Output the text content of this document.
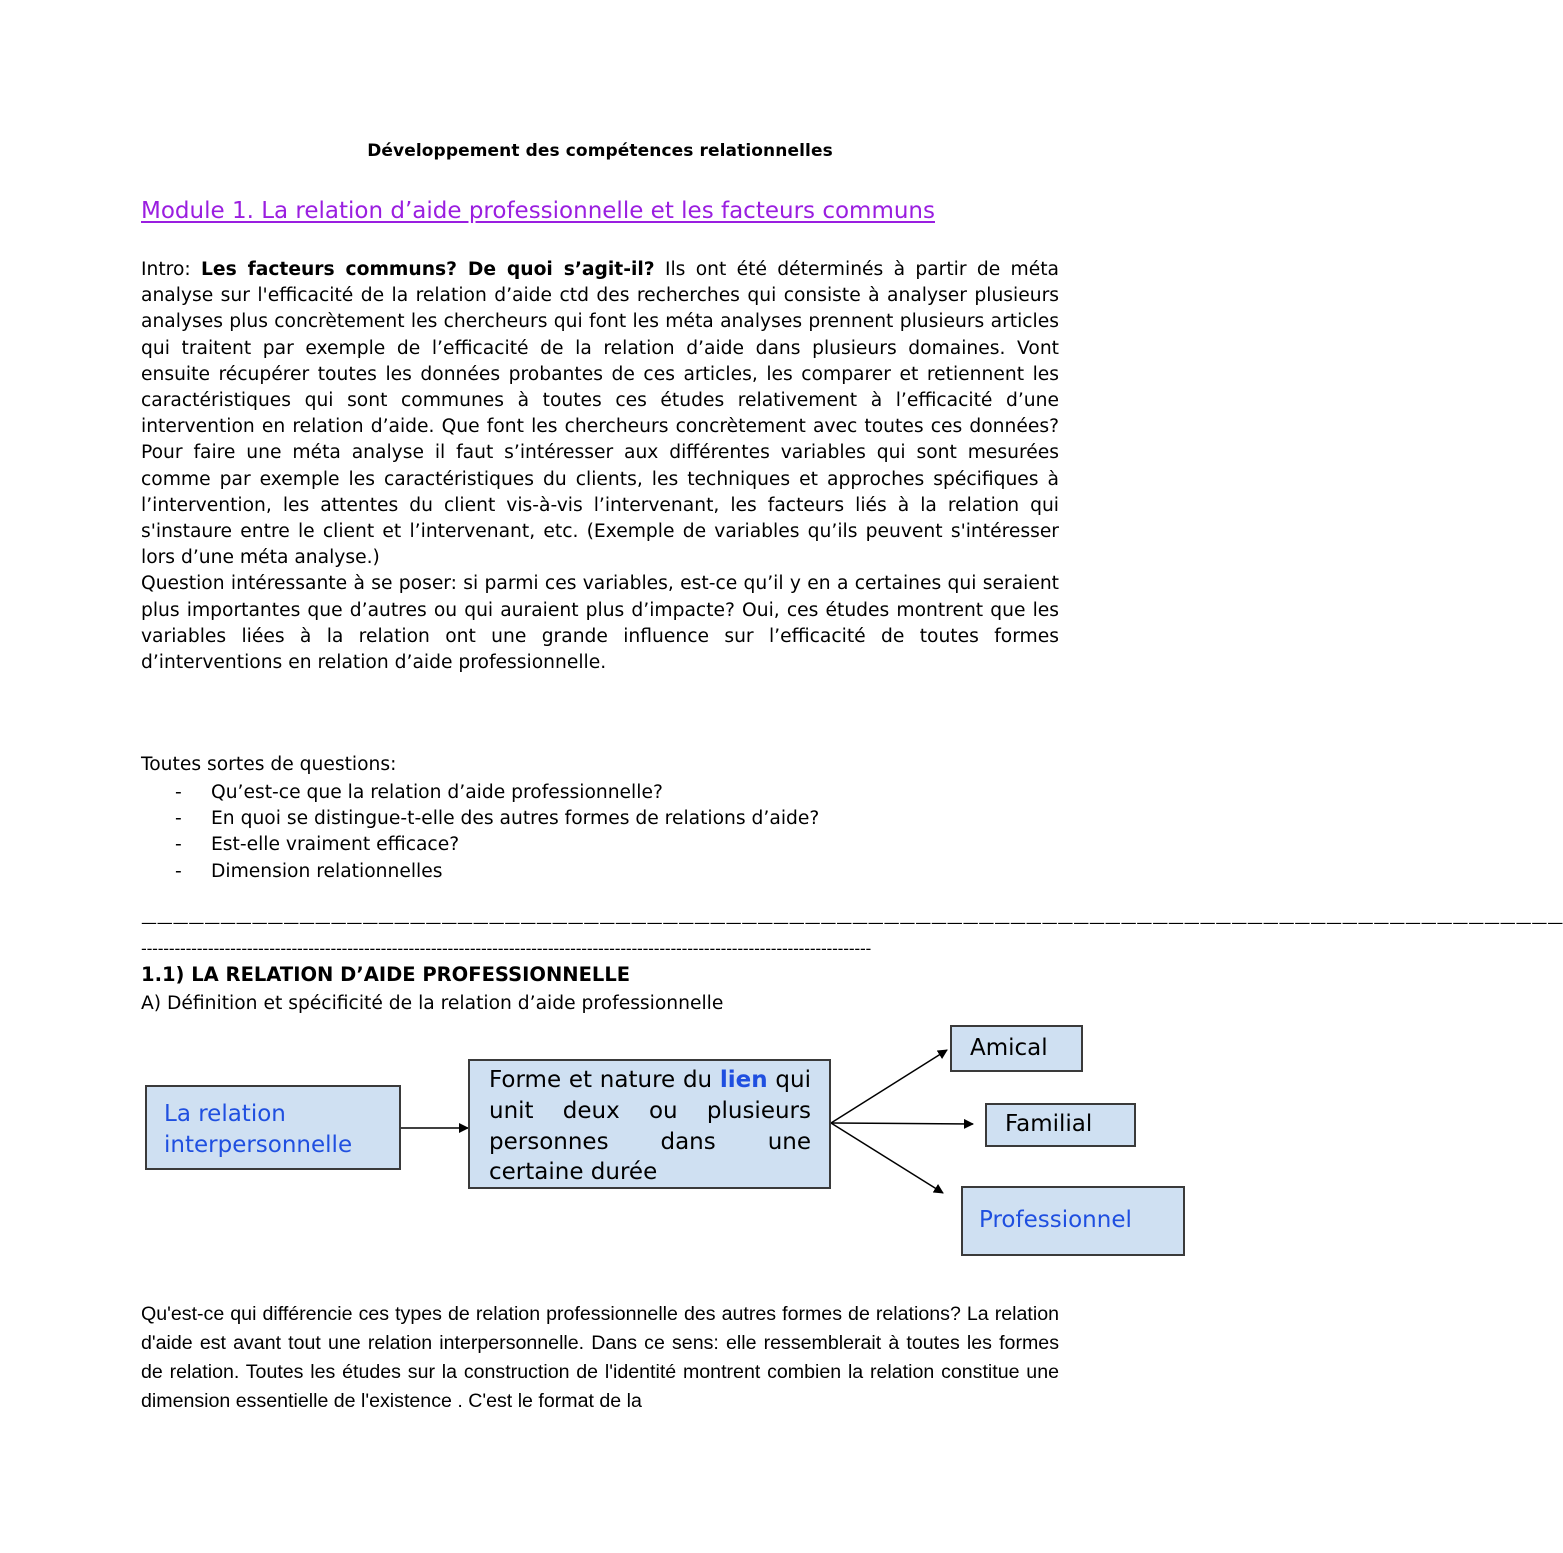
Développement des compétences relationnelles
Module 1. La relation d’aide professionnelle et les facteurs communs
Intro: Les facteurs communs? De quoi s’agit-il? Ils ont été déterminés à partir de méta analyse sur l'efficacité de la relation d’aide ctd des recherches qui consiste à analyser plusieurs analyses plus concrètement les chercheurs qui font les méta analyses prennent plusieurs articles qui traitent par exemple de l’efficacité de la relation d’aide dans plusieurs domaines. Vont ensuite récupérer toutes les données probantes de ces articles, les comparer et retiennent les caractéristiques qui sont communes à toutes ces études relativement à l’efficacité d’une intervention en relation d’aide. Que font les chercheurs concrètement avec toutes ces données? Pour faire une méta analyse il faut s’intéresser aux différentes variables qui sont mesurées comme par exemple les caractéristiques du clients, les techniques et approches spécifiques à l’intervention, les attentes du client vis-à-vis l’intervenant, les facteurs liés à la relation qui s'instaure entre le client et l’intervenant, etc. (Exemple de variables qu’ils peuvent s'intéresser lors d’une méta analyse.)
Question intéressante à se poser: si parmi ces variables, est-ce qu’il y en a certaines qui seraient plus importantes que d’autres ou qui auraient plus d’impacte? Oui, ces études montrent que les variables liées à la relation ont une grande influence sur l’efficacité de toutes formes d’interventions en relation d’aide professionnelle.
Toutes sortes de questions:
- Qu’est-ce que la relation d’aide professionnelle?
- En quoi se distingue-t-elle des autres formes de relations d’aide?
- Est-elle vraiment efficace?
- Dimension relationnelles
——————————————————————————————————————————————————————————————————————————————————————————
-----------------------------------------------------------------------------------------------------------------------------------
1.1) LA RELATION D’AIDE PROFESSIONNELLE
A) Définition et spécificité de la relation d’aide professionnelle
La relation
interpersonnelle
Forme et nature du lien qui unit deux ou plusieurs personnes dans une certaine durée
Amical
Familial
Professionnel
Qu'est-ce qui différencie ces types de relation professionnelle des autres formes de relations? La relation d'aide est avant tout une relation interpersonnelle. Dans ce sens: elle ressemblerait à toutes les formes de relation. Toutes les études sur la construction de l'identité montrent combien la relation constitue une dimension essentielle de l'existence . C'est le format de la
